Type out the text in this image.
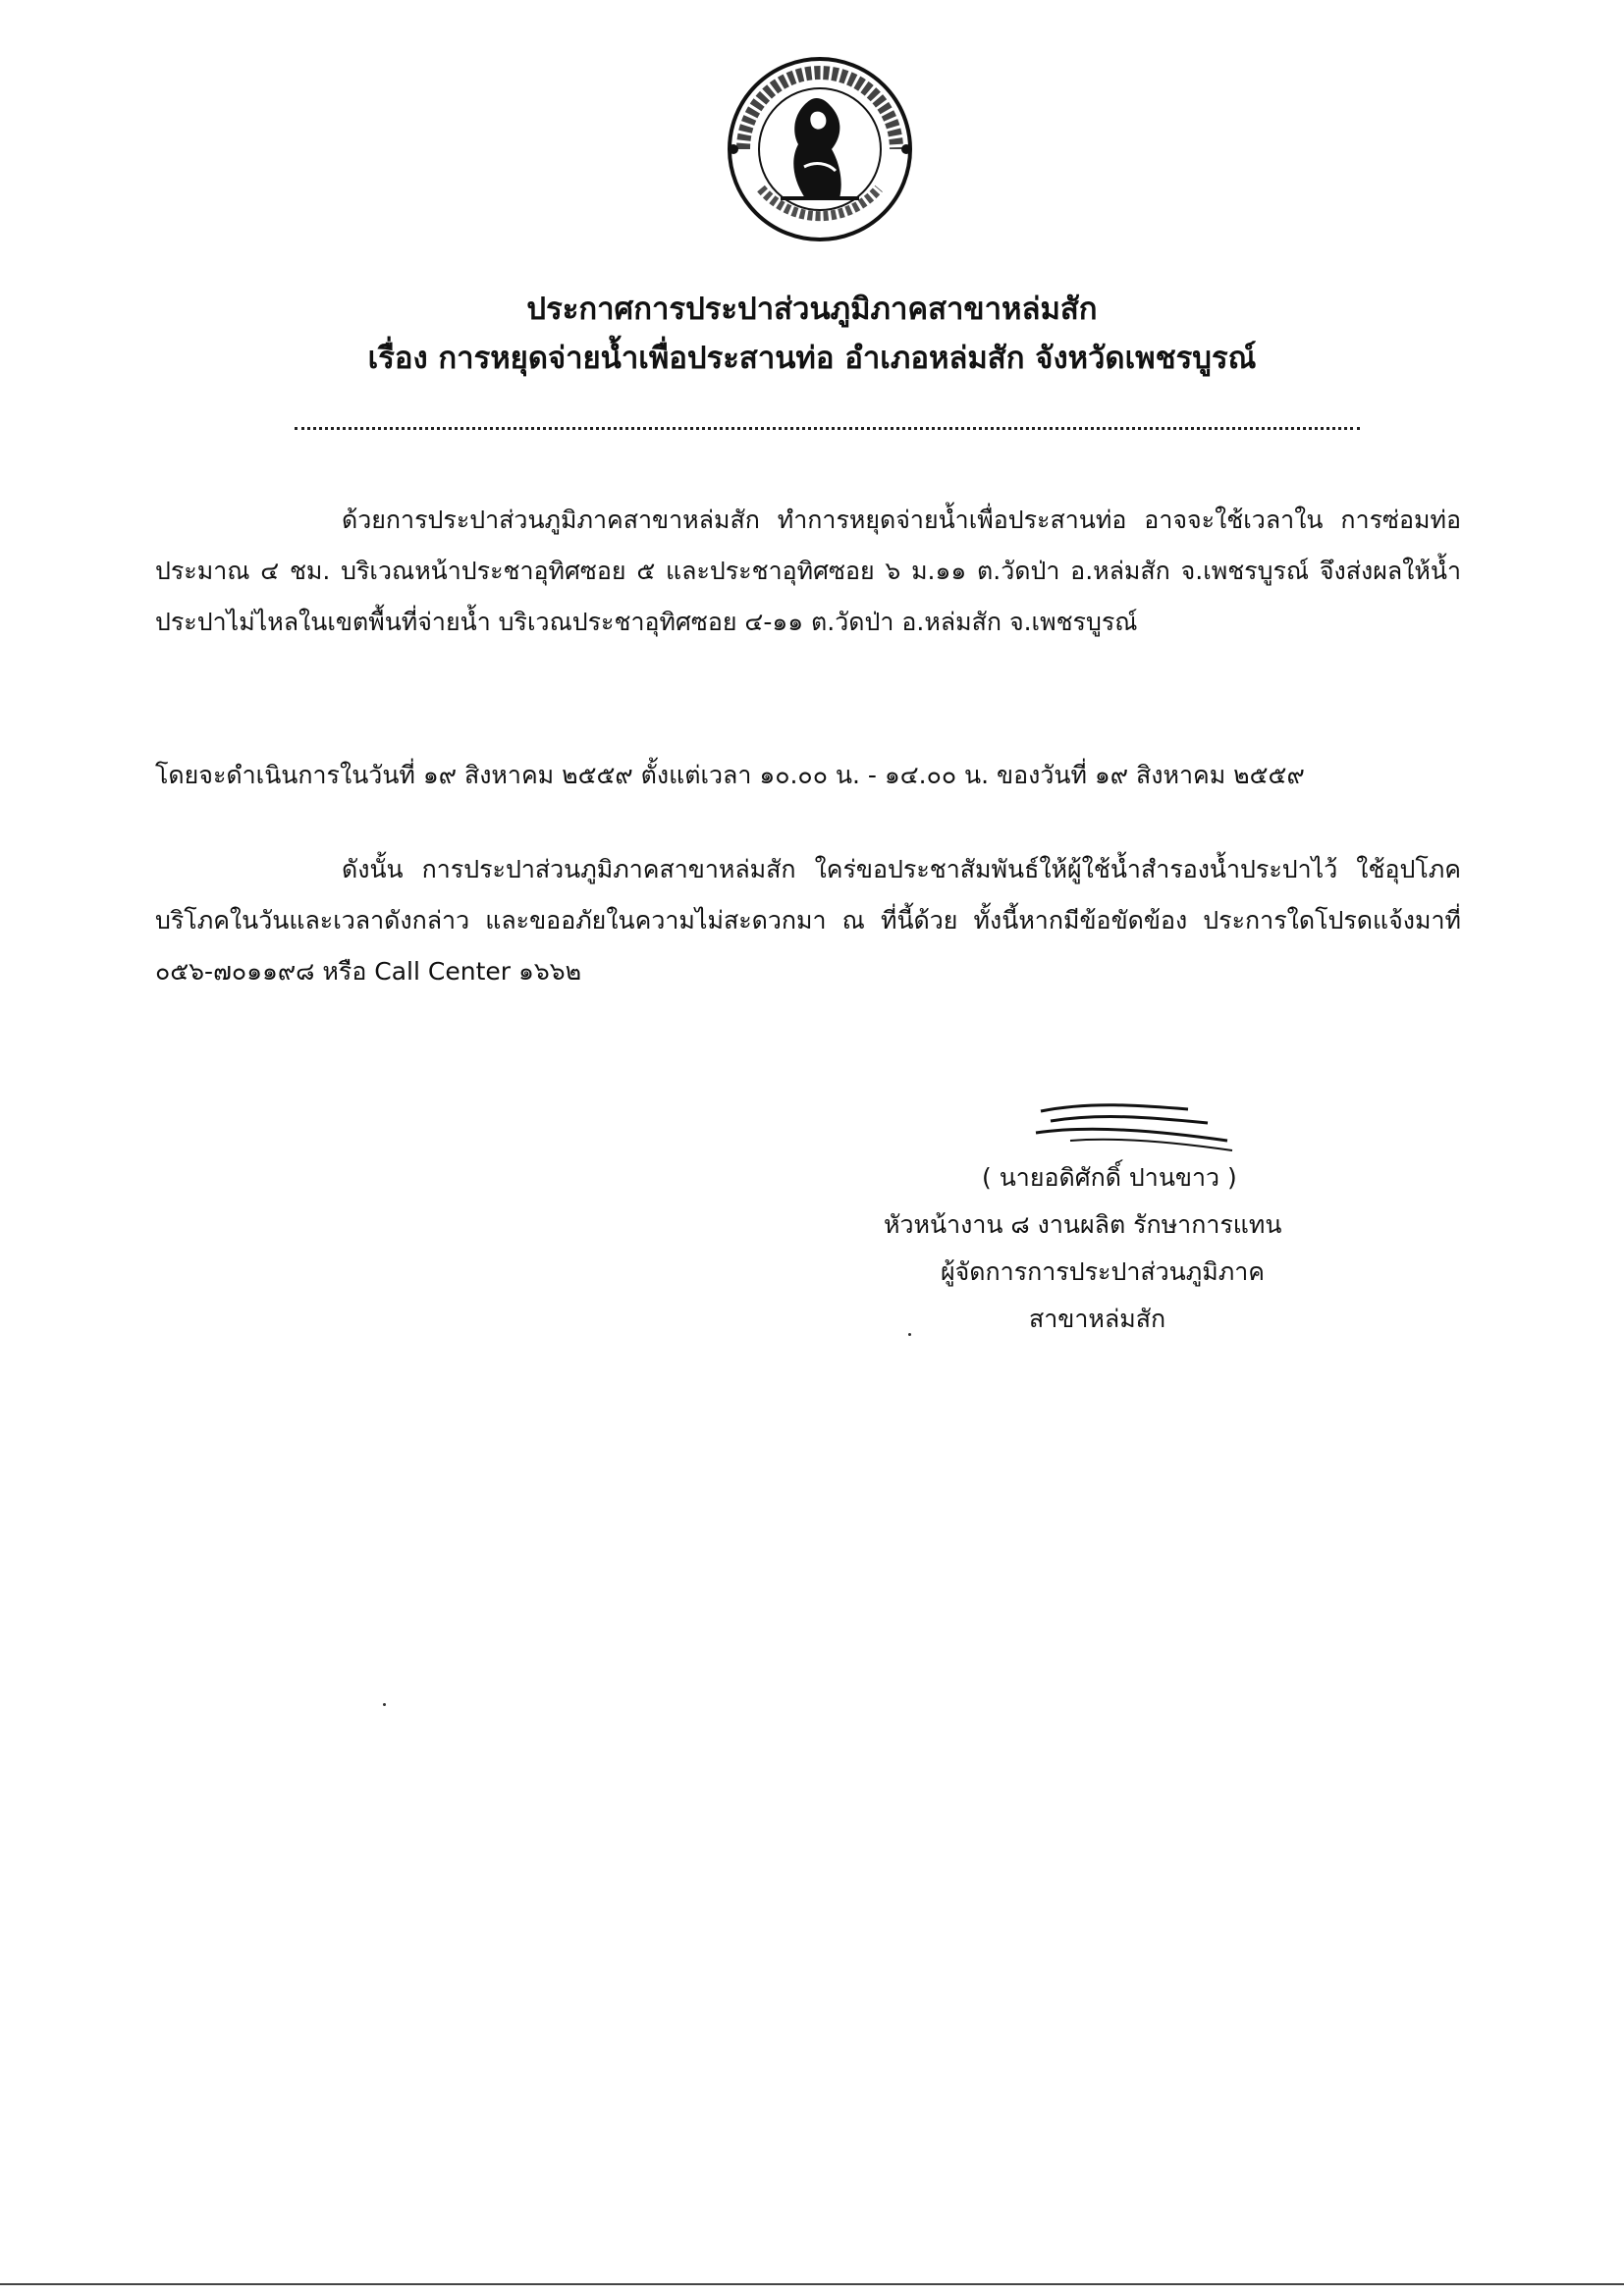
ประกาศการประปาส่วนภูมิภาคสาขาหล่มสัก
เรื่อง การหยุดจ่ายน้ำเพื่อประสานท่อ อำเภอหล่มสัก จังหวัดเพชรบูรณ์
ด้วยการประปาส่วนภูมิภาคสาขาหล่มสัก ทำการหยุดจ่ายน้ำเพื่อประสานท่อ อาจจะใช้เวลาใน การซ่อมท่อประมาณ ๔ ชม. บริเวณหน้าประชาอุทิศซอย ๕ และประชาอุทิศซอย ๖ ม.๑๑ ต.วัดป่า อ.หล่มสัก จ.เพชรบูรณ์ จึงส่งผลให้น้ำประปาไม่ไหลในเขตพื้นที่จ่ายน้ำ บริเวณประชาอุทิศซอย ๔-๑๑ ต.วัดป่า อ.หล่มสัก จ.เพชรบูรณ์
โดยจะดำเนินการในวันที่ ๑๙ สิงหาคม ๒๕๕๙ ตั้งแต่เวลา ๑๐.๐๐ น. - ๑๔.๐๐ น. ของวันที่ ๑๙ สิงหาคม ๒๕๕๙
ดังนั้น การประปาส่วนภูมิภาคสาขาหล่มสัก ใคร่ขอประชาสัมพันธ์ให้ผู้ใช้น้ำสำรองน้ำประปาไว้ ใช้อุปโภคบริโภคในวันและเวลาดังกล่าว และขออภัยในความไม่สะดวกมา ณ ที่นี้ด้วย ทั้งนี้หากมีข้อขัดข้อง ประการใดโปรดแจ้งมาที่ ๐๕๖-๗๐๑๑๙๘ หรือ Call Center ๑๖๖๒
( นายอดิศักดิ์ ปานขาว )
หัวหน้างาน ๘ งานผลิต รักษาการแทน
ผู้จัดการการประปาส่วนภูมิภาค
สาขาหล่มสัก
